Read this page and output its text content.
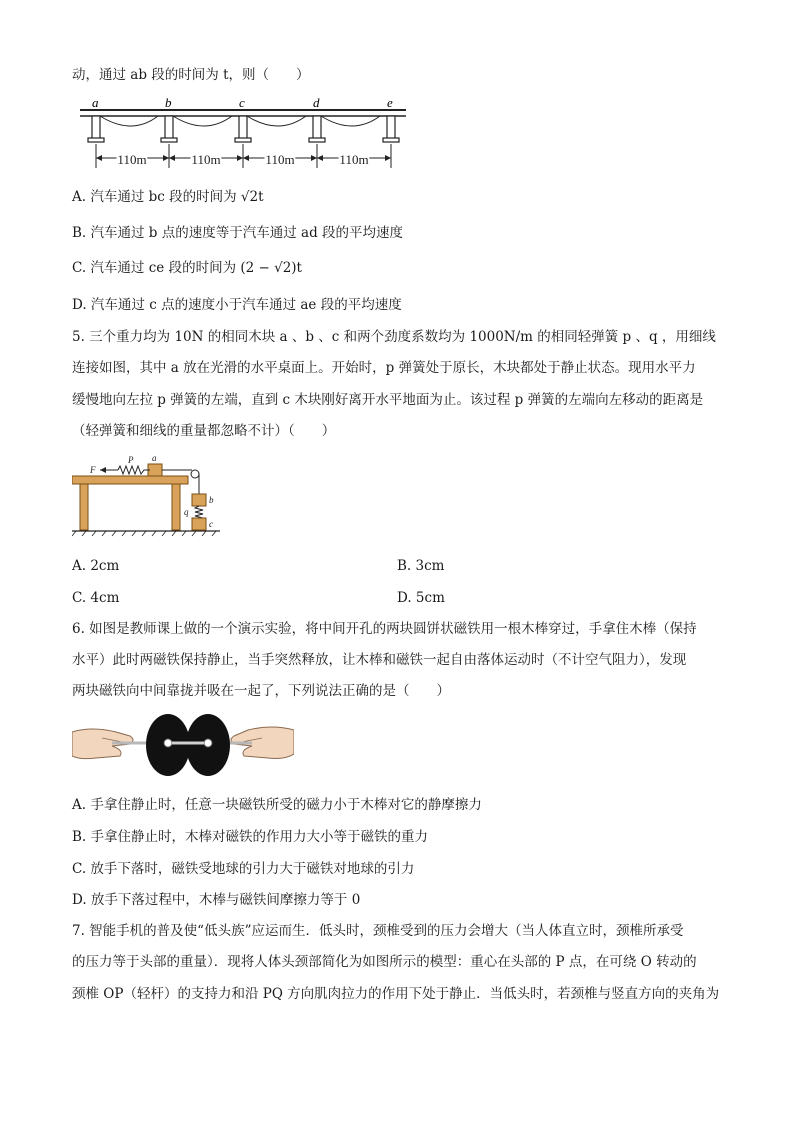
动，通过 ab 段的时间为 t，则（　　）
a	b	c	d	e
110m	110m	110m	110m
A. 汽车通过 bc 段的时间为 √2t
B. 汽车通过 b 点的速度等于汽车通过 ad 段的平均速度
C. 汽车通过 ce 段的时间为 (2 − √2)t
D. 汽车通过 c 点的速度小于汽车通过 ae 段的平均速度
5. 三个重力均为 10N 的相同木块 a 、b 、c 和两个劲度系数均为 1000N/m 的相同轻弹簧 p 、q ，用细线
连接如图，其中 a 放在光滑的水平桌面上。开始时，p 弹簧处于原长，木块都处于静止状态。现用水平力
缓慢地向左拉 p 弹簧的左端，直到 c 木块刚好离开水平地面为止。该过程 p 弹簧的左端向左移动的距离是
（轻弹簧和细线的重量都忽略不计）（　　）
F
P a
b
q
c
A. 2cm	B. 3cm
C. 4cm	D. 5cm
6. 如图是教师课上做的一个演示实验，将中间开孔的两块圆饼状磁铁用一根木棒穿过，手拿住木棒（保持
水平）此时两磁铁保持静止，当手突然释放，让木棒和磁铁一起自由落体运动时（不计空气阻力），发现
两块磁铁向中间靠拢并吸在一起了，下列说法正确的是（　　）
A. 手拿住静止时，任意一块磁铁所受的磁力小于木棒对它的静摩擦力
B. 手拿住静止时，木棒对磁铁的作用力大小等于磁铁的重力
C. 放手下落时，磁铁受地球的引力大于磁铁对地球的引力
D. 放手下落过程中，木棒与磁铁间摩擦力等于 0
7. 智能手机的普及使“低头族”应运而生．低头时，颈椎受到的压力会增大（当人体直立时，颈椎所承受
的压力等于头部的重量）．现将人体头颈部简化为如图所示的模型：重心在头部的 P 点，在可绕 O 转动的
颈椎 OP（轻杆）的支持力和沿 PQ 方向肌肉拉力的作用下处于静止．当低头时，若颈椎与竖直方向的夹角为
